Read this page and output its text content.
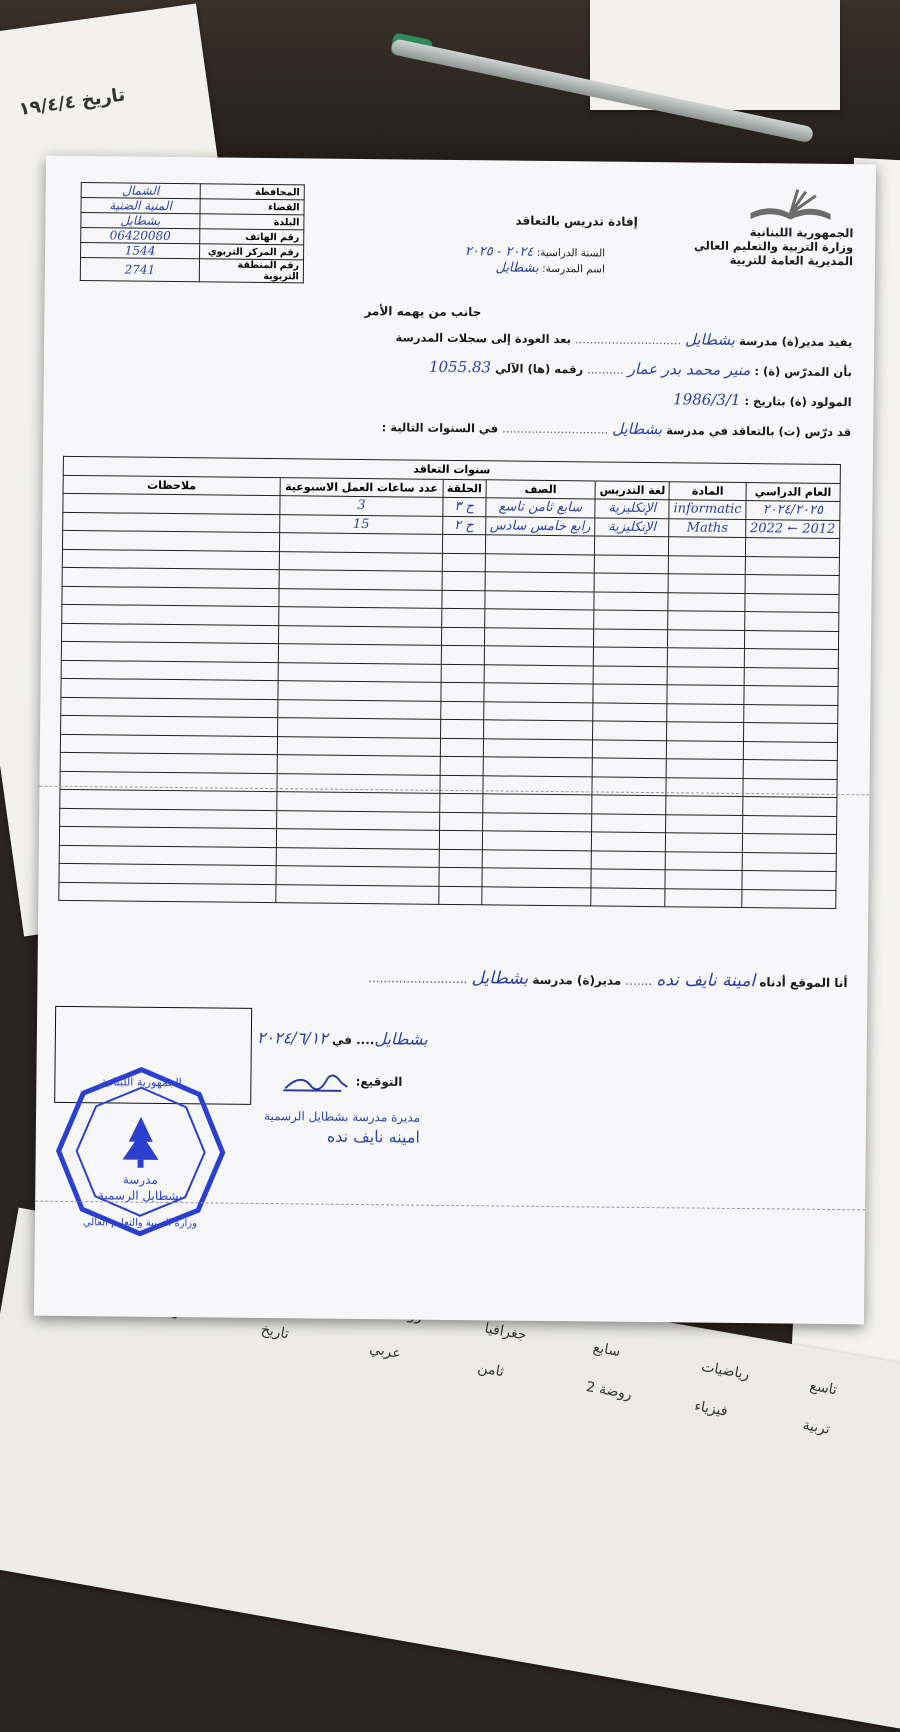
تاريخ ١٩/٤/٤
جغرافيا
سابع
رياضيات
تاسع
تاريخ
عربي
ثامن
روضة 2
فيزياء
تربية
الجمهورية اللبنانية
وزارة التربية والتعليم العالي
المديرية العامة للتربية
إفادة تدريس بالتعاقد
السنة الدراسية: ٢٠٢٤ - ٢٠٢٥
اسم المدرسة: بشطايل
المحافظة	الشمال
القضاء	المنية الضنية
البلدة	بشطايل
رقم الهاتف	06420080
رقم المركز التربوي	1544
رقم المنطقة التربوية	2741
جانب من يهمه الأمر
يفيد مدير(ة) مدرسة بشطايل ............................. بعد العودة إلى سجلات المدرسة
بأن المدرّس (ة) : منير محمد بدر عمار .......... رقمه (ها) الآلي 1055.83
المولود (ة) بتاريخ : 1986/3/1
قد درّس (ت) بالتعاقد في مدرسة بشطايل ............................. في السنوات التالية :
سنوات التعاقد						
العام الدراسي	المادة	لغة التدريس	الصف	الحلقة	عدد ساعات العمل الاسبوعية	ملاحظات
٢٠٢٤/٢٠٢٥	informatic	الإنكليزية	سابع ثامن تاسع	ح ٣	3	
2012 ← 2022	Maths	الإنكليزية	رابع خامس سادس	ح ٢	15	

أنا الموقع أدناه امينة نايف نده ....... مدير(ة) مدرسة بشطايل ..........................
بشطايل.... في ٢٠٢٤/٦/١٢
التوقيع:
مديرة مدرسة بشطايل الرسمية
امينه نايف نده
الجمهورية اللبنانية
مدرسة
بشطايل الرسمية
وزارة التربية والتعليم العالي
